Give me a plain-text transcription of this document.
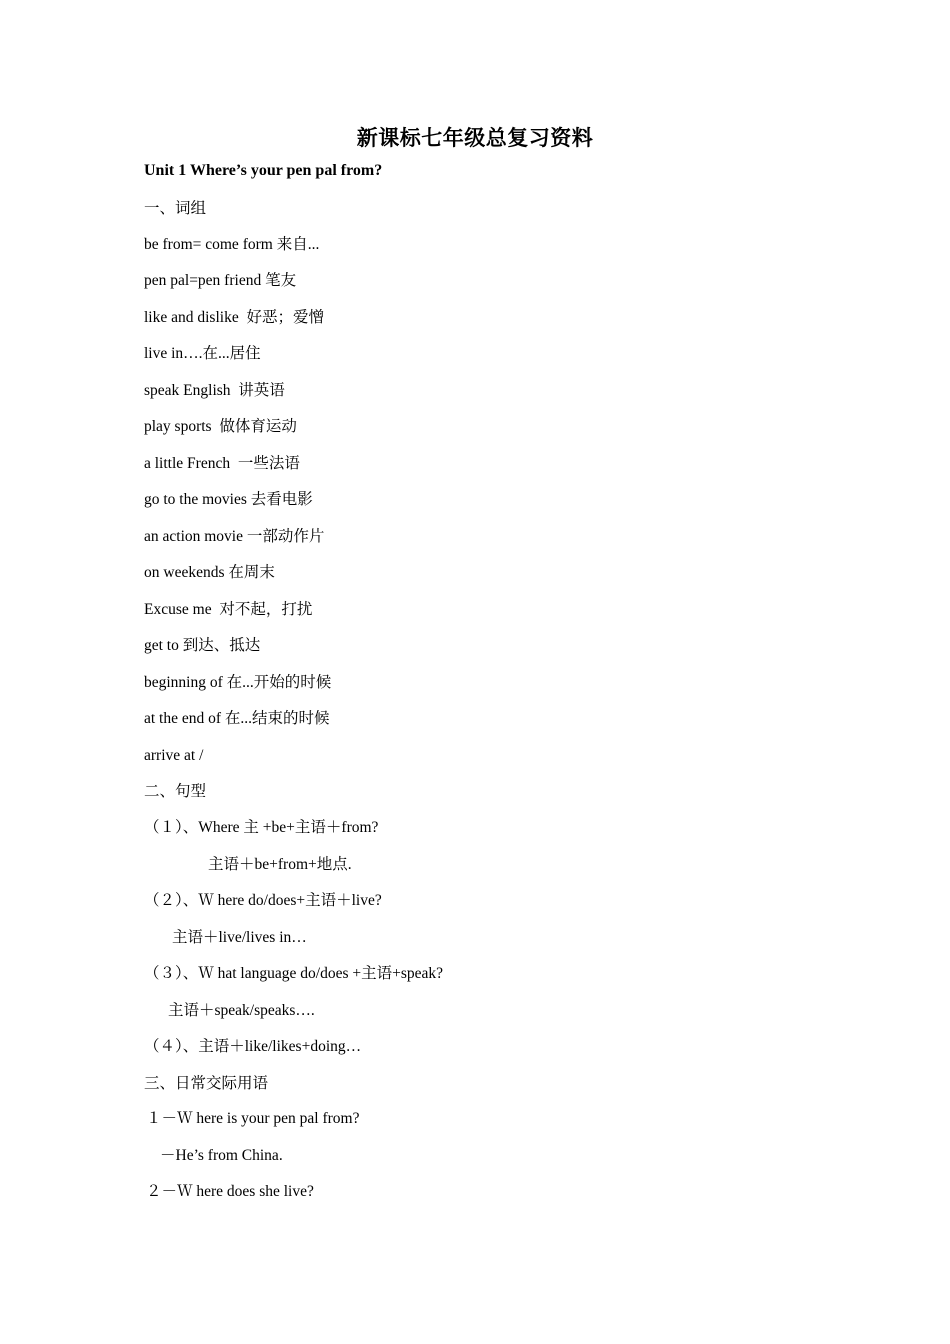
新课标七年级总复习资料
Unit 1 Where’s your pen pal from?
一、词组
be from= come form 来自...
pen pal=pen friend 笔友
like and dislike  好恶；爱憎
live in….在...居住
speak English  讲英语
play sports  做体育运动
a little French  一些法语
go to the movies 去看电影
an action movie 一部动作片
on weekends 在周末
Excuse me  对不起，打扰
get to 到达、抵达
beginning of 在...开始的时候
at the end of 在...结束的时候
arrive at /
二、句型
（１）、Where 主 +be+主语＋from?
主语＋be+from+地点.
（２）、Ｗ here do/does+主语＋live?
主语＋live/lives in…
（３）、Ｗ hat language do/does +主语+speak?
主语＋speak/speaks….
（４）、主语＋like/likes+doing…
三、日常交际用语
１－Ｗ here is your pen pal from?
－He’s from China.
２－Ｗ here does she live?
